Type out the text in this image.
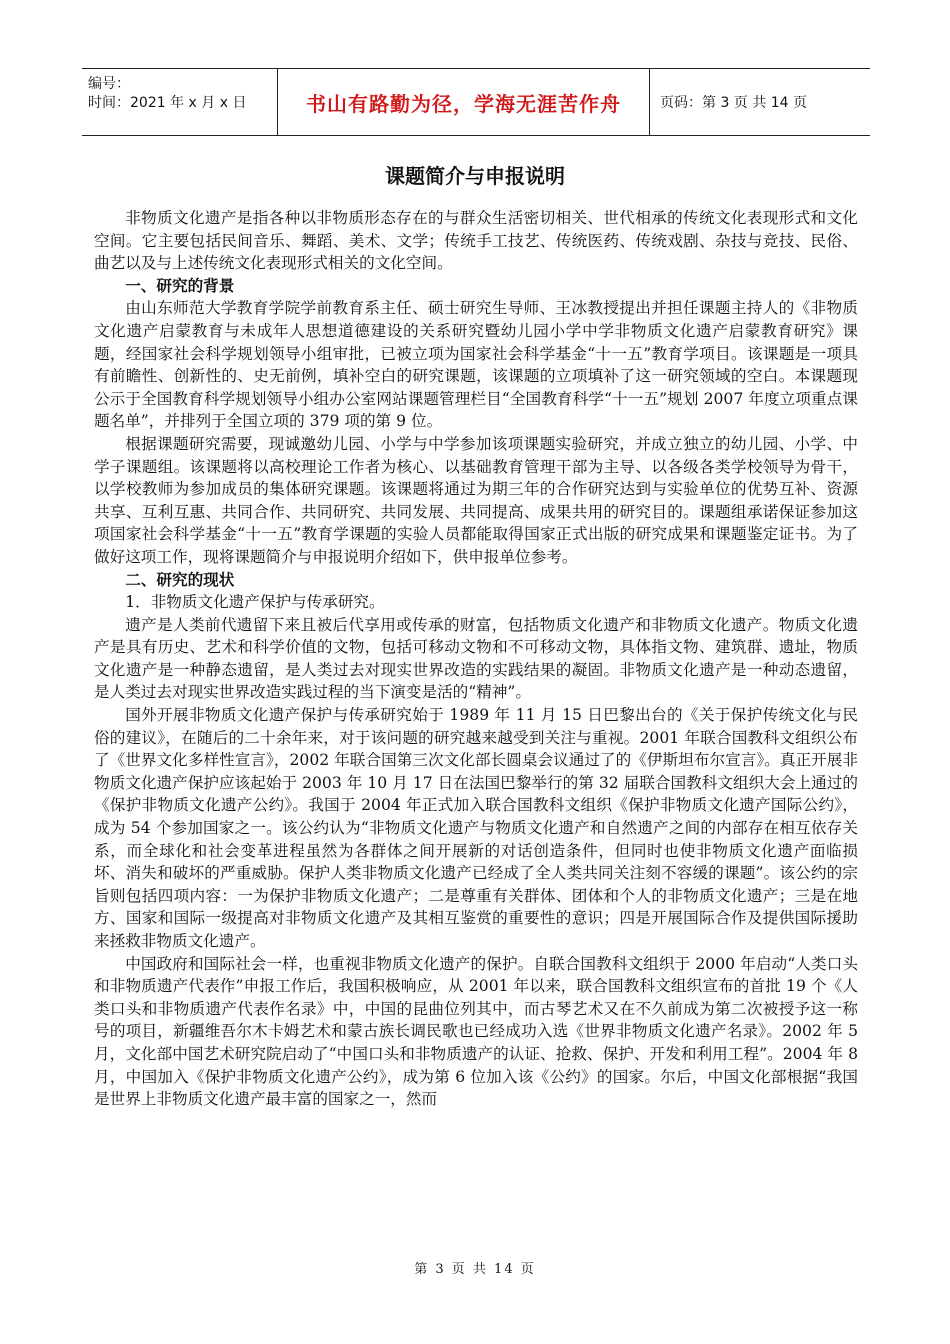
编号：
时间：2021 年 x 月 x 日	书山有路勤为径，学海无涯苦作舟	页码：第 3 页 共 14 页
课题简介与申报说明

非物质文化遗产是指各种以非物质形态存在的与群众生活密切相关、世代相承的传统文化表现形式和文化空间。它主要包括民间音乐、舞蹈、美术、文学；传统手工技艺、传统医药、传统戏剧、杂技与竞技、民俗、曲艺以及与上述传统文化表现形式相关的文化空间。

一、研究的背景

由山东师范大学教育学院学前教育系主任、硕士研究生导师、王冰教授提出并担任课题主持人的《非物质文化遗产启蒙教育与未成年人思想道德建设的关系研究暨幼儿园小学中学非物质文化遗产启蒙教育研究》课题，经国家社会科学规划领导小组审批，已被立项为国家社会科学基金“十一五”教育学项目。该课题是一项具有前瞻性、创新性的、史无前例，填补空白的研究课题，该课题的立项填补了这一研究领域的空白。本课题现公示于全国教育科学规划领导小组办公室网站课题管理栏目“全国教育科学“十一五”规划 2007 年度立项重点课题名单”，并排列于全国立项的 379 项的第 9 位。

根据课题研究需要，现诚邀幼儿园、小学与中学参加该项课题实验研究，并成立独立的幼儿园、小学、中学子课题组。该课题将以高校理论工作者为核心、以基础教育管理干部为主导、以各级各类学校领导为骨干，以学校教师为参加成员的集体研究课题。该课题将通过为期三年的合作研究达到与实验单位的优势互补、资源共享、互利互惠、共同合作、共同研究、共同发展、共同提高、成果共用的研究目的。课题组承诺保证参加这项国家社会科学基金“十一五”教育学课题的实验人员都能取得国家正式出版的研究成果和课题鉴定证书。为了做好这项工作，现将课题简介与申报说明介绍如下，供申报单位参考。

二、研究的现状

1．非物质文化遗产保护与传承研究。

遗产是人类前代遗留下来且被后代享用或传承的财富，包括物质文化遗产和非物质文化遗产。物质文化遗产是具有历史、艺术和科学价值的文物，包括可移动文物和不可移动文物，具体指文物、建筑群、遗址，物质文化遗产是一种静态遗留，是人类过去对现实世界改造的实践结果的凝固。非物质文化遗产是一种动态遗留，是人类过去对现实世界改造实践过程的当下演变是活的“精神”。

国外开展非物质文化遗产保护与传承研究始于 1989 年 11 月 15 日巴黎出台的《关于保护传统文化与民俗的建议》，在随后的二十余年来，对于该问题的研究越来越受到关注与重视。2001 年联合国教科文组织公布了《世界文化多样性宣言》，2002 年联合国第三次文化部长圆桌会议通过了的《伊斯坦布尔宣言》。真正开展非物质文化遗产保护应该起始于 2003 年 10 月 17 日在法国巴黎举行的第 32 届联合国教科文组织大会上通过的《保护非物质文化遗产公约》。我国于 2004 年正式加入联合国教科文组织《保护非物质文化遗产国际公约》，成为 54 个参加国家之一。该公约认为“非物质文化遗产与物质文化遗产和自然遗产之间的内部存在相互依存关系，而全球化和社会变革进程虽然为各群体之间开展新的对话创造条件，但同时也使非物质文化遗产面临损坏、消失和破坏的严重威胁。保护人类非物质文化遗产已经成了全人类共同关注刻不容缓的课题”。该公约的宗旨则包括四项内容：一为保护非物质文化遗产；二是尊重有关群体、团体和个人的非物质文化遗产；三是在地方、国家和国际一级提高对非物质文化遗产及其相互鉴赏的重要性的意识；四是开展国际合作及提供国际援助来拯救非物质文化遗产。

中国政府和国际社会一样，也重视非物质文化遗产的保护。自联合国教科文组织于 2000 年启动“人类口头和非物质遗产代表作”申报工作后，我国积极响应，从 2001 年以来，联合国教科文组织宣布的首批 19 个《人类口头和非物质遗产代表作名录》中，中国的昆曲位列其中，而古琴艺术又在不久前成为第二次被授予这一称号的项目，新疆维吾尔木卡姆艺术和蒙古族长调民歌也已经成功入选《世界非物质文化遗产名录》。2002 年 5 月，文化部中国艺术研究院启动了“中国口头和非物质遗产的认证、抢救、保护、开发和利用工程”。2004 年 8 月，中国加入《保护非物质文化遗产公约》，成为第 6 位加入该《公约》的国家。尔后，中国文化部根据“我国是世界上非物质文化遗产最丰富的国家之一，然而

第 3 页 共 14 页
